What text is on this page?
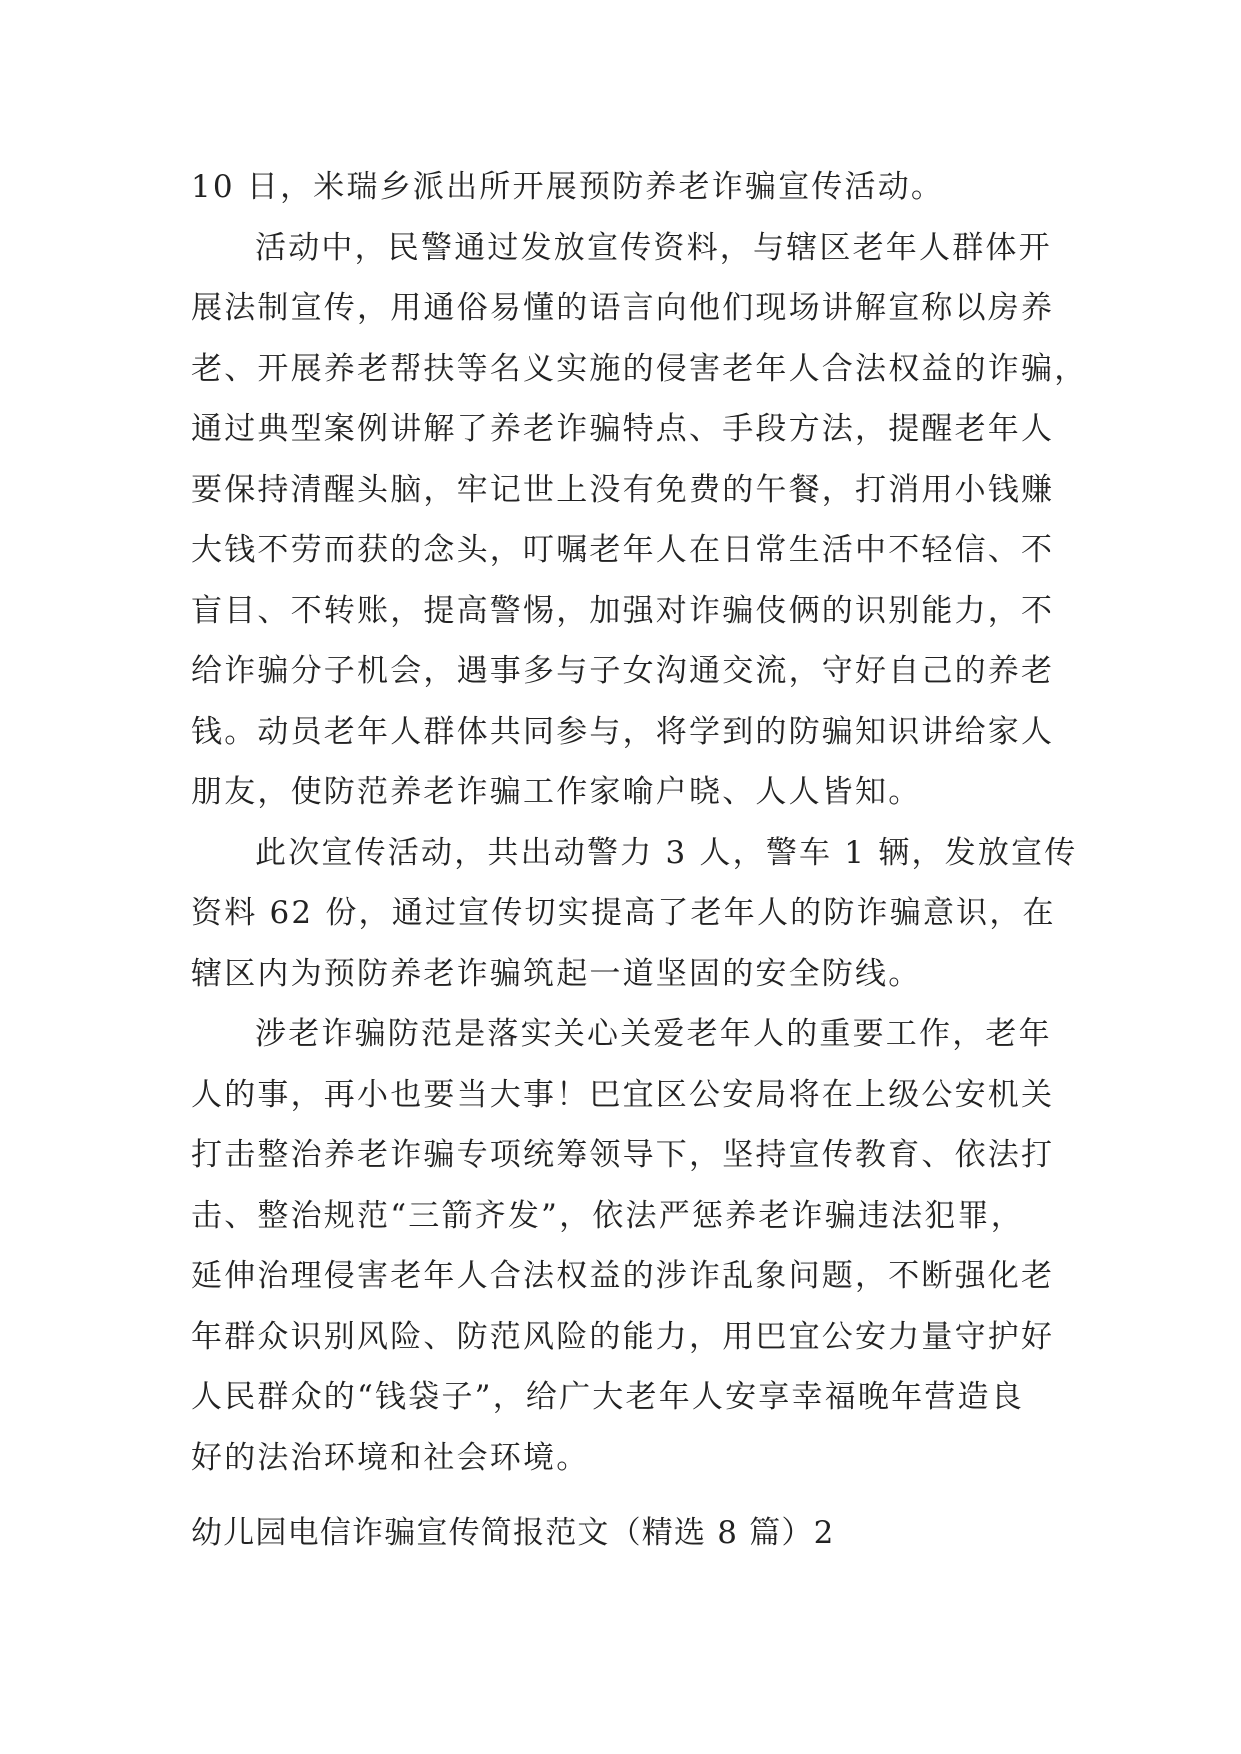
10 日，米瑞乡派出所开展预防养老诈骗宣传活动。
活动中，民警通过发放宣传资料，与辖区老年人群体开
展法制宣传，用通俗易懂的语言向他们现场讲解宣称以房养
老、开展养老帮扶等名义实施的侵害老年人合法权益的诈骗，
通过典型案例讲解了养老诈骗特点、手段方法，提醒老年人
要保持清醒头脑，牢记世上没有免费的午餐，打消用小钱赚
大钱不劳而获的念头，叮嘱老年人在日常生活中不轻信、不
盲目、不转账，提高警惕，加强对诈骗伎俩的识别能力，不
给诈骗分子机会，遇事多与子女沟通交流，守好自己的养老
钱。动员老年人群体共同参与，将学到的防骗知识讲给家人
朋友，使防范养老诈骗工作家喻户晓、人人皆知。
此次宣传活动，共出动警力 3 人，警车 1 辆，发放宣传
资料 62 份，通过宣传切实提高了老年人的防诈骗意识，在
辖区内为预防养老诈骗筑起一道坚固的安全防线。
涉老诈骗防范是落实关心关爱老年人的重要工作，老年
人的事，再小也要当大事！巴宜区公安局将在上级公安机关
打击整治养老诈骗专项统筹领导下，坚持宣传教育、依法打
击、整治规范“三箭齐发”，依法严惩养老诈骗违法犯罪，
延伸治理侵害老年人合法权益的涉诈乱象问题，不断强化老
年群众识别风险、防范风险的能力，用巴宜公安力量守护好
人民群众的“钱袋子”，给广大老年人安享幸福晚年营造良
好的法治环境和社会环境。
幼儿园电信诈骗宣传简报范文（精选 8 篇）2
